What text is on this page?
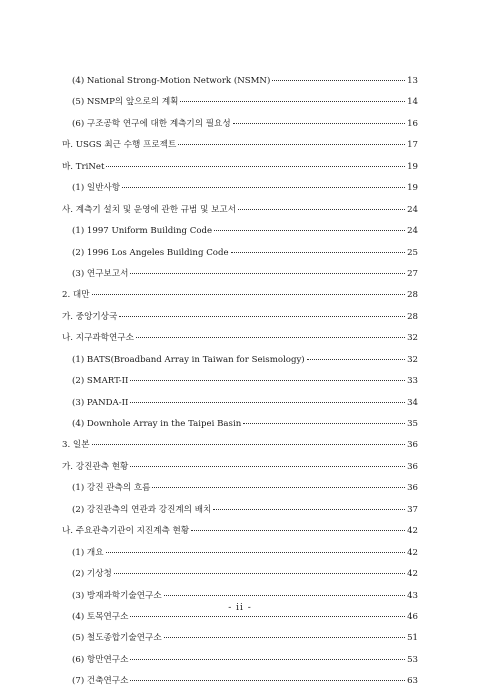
(4) National Strong-Motion Network (NSMN)	13
(5) NSMP의 앞으로의 계획	14
(6) 구조공학 연구에 대한 계측기의 필요성	16
마. USGS 최근 수행 프로젝트	17
바. TriNet	19
(1) 일반사항	19
사. 계측기 설치 및 운영에 관한 규범 및 보고서	24
(1) 1997 Uniform Building Code	24
(2) 1996 Los Angeles Building Code	25
(3) 연구보고서	27
2. 대만	28
가. 중앙기상국	28
나. 지구과학연구소	32
(1) BATS(Broadband Array in Taiwan for Seismology)	32
(2) SMART-II	33
(3) PANDA-II	34
(4) Downhole Array in the Taipei Basin	35
3. 일본	36
가. 강진관측 현황	36
(1) 강진 관측의 흐름	36
(2) 강진관측의 연관과 강진계의 배치	37
나. 주요관측기관이 지진계측 현황	42
(1) 개요	42
(2) 기상청	42
(3) 방재과학기술연구소	43
(4) 토목연구소	46
(5) 철도종합기술연구소	51
(6) 항만연구소	53
(7) 건축연구소	63
- ii -
